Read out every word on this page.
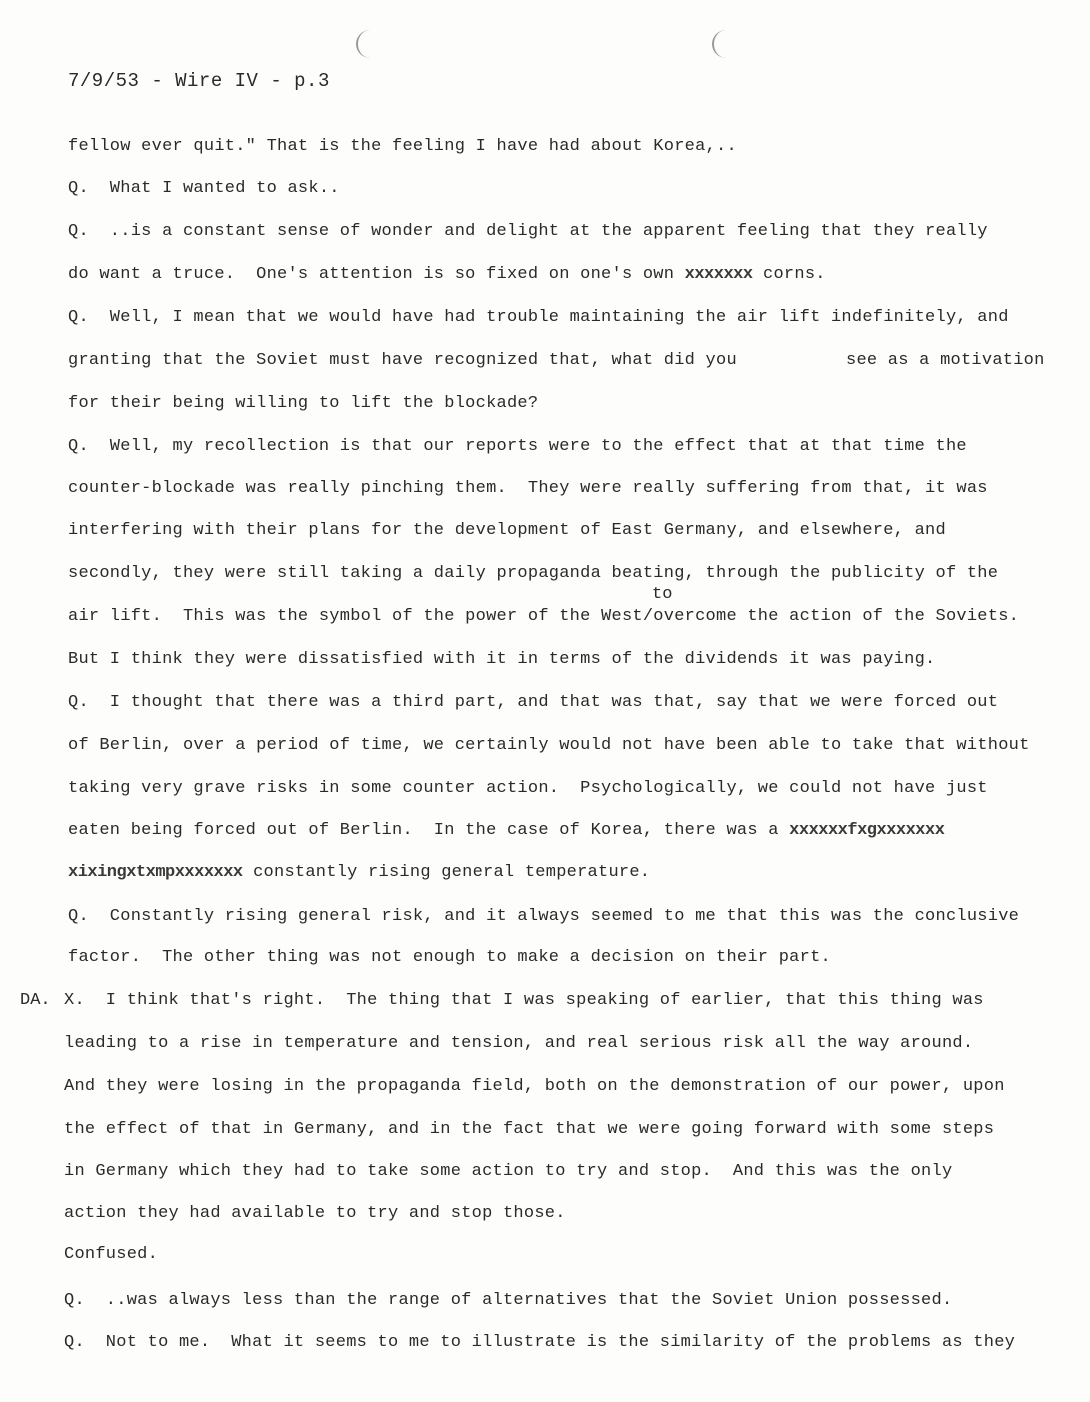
7/9/53 - Wire IV - p.3
fellow ever quit." That is the feeling I have had about Korea,..
Q.  What I wanted to ask..
Q.  ..is a constant sense of wonder and delight at the apparent feeling that they really
do want a truce.  One's attention is so fixed on one's own xxxxxxx corns.
Q.  Well, I mean that we would have had trouble maintaining the air lift indefinitely, and
granting that the Soviet must have recognized that, what did you	see as a motivation
for their being willing to lift the blockade?
Q.  Well, my recollection is that our reports were to the effect that at that time the
counter-blockade was really pinching them.  They were really suffering from that, it was
interfering with their plans for the development of East Germany, and elsewhere, and
secondly, they were still taking a daily propaganda beating, through the publicity of the
to
air lift.  This was the symbol of the power of the West/overcome the action of the Soviets.
But I think they were dissatisfied with it in terms of the dividends it was paying.
Q.  I thought that there was a third part, and that was that, say that we were forced out
of Berlin, over a period of time, we certainly would not have been able to take that without
taking very grave risks in some counter action.  Psychologically, we could not have just
eaten being forced out of Berlin.  In the case of Korea, there was a xxxxxxfxgxxxxxxx
xixingxtxmpxxxxxxx constantly rising general temperature.
Q.  Constantly rising general risk, and it always seemed to me that this was the conclusive
factor.  The other thing was not enough to make a decision on their part.
DA. X.  I think that's right.  The thing that I was speaking of earlier, that this thing was
leading to a rise in temperature and tension, and real serious risk all the way around.
And they were losing in the propaganda field, both on the demonstration of our power, upon
the effect of that in Germany, and in the fact that we were going forward with some steps
in Germany which they had to take some action to try and stop.  And this was the only
action they had available to try and stop those.
Confused.
Q.  ..was always less than the range of alternatives that the Soviet Union possessed.
Q.  Not to me.  What it seems to me to illustrate is the similarity of the problems as they
